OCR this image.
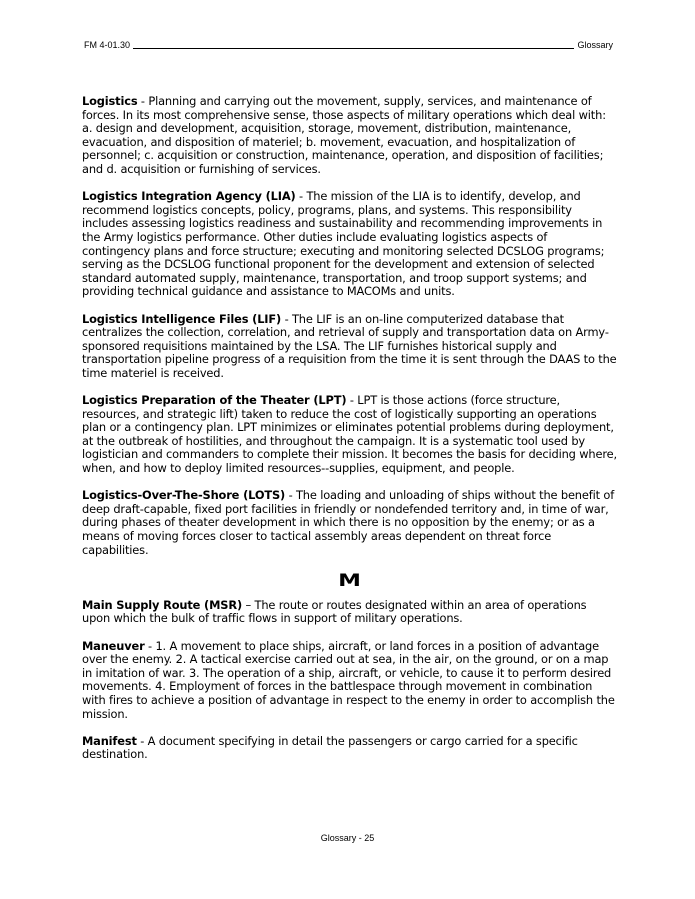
FM 4-01.30	Glossary

Logistics - Planning and carrying out the movement, supply, services, and maintenance of forces. In its most comprehensive sense, those aspects of military operations which deal with: a. design and development, acquisition, storage, movement, distribution, maintenance, evacuation, and disposition of materiel; b. movement, evacuation, and hospitalization of personnel; c. acquisition or construction, maintenance, operation, and disposition of facilities; and d. acquisition or furnishing of services.

Logistics Integration Agency (LIA) - The mission of the LIA is to identify, develop, and recommend logistics concepts, policy, programs, plans, and systems. This responsibility includes assessing logistics readiness and sustainability and recommending improvements in the Army logistics performance. Other duties include evaluating logistics aspects of contingency plans and force structure; executing and monitoring selected DCSLOG programs; serving as the DCSLOG functional proponent for the development and extension of selected standard automated supply, maintenance, transportation, and troop support systems; and providing technical guidance and assistance to MACOMs and units.

Logistics Intelligence Files (LIF) - The LIF is an on-line computerized database that centralizes the collection, correlation, and retrieval of supply and transportation data on Army-sponsored requisitions maintained by the LSA. The LIF furnishes historical supply and transportation pipeline progress of a requisition from the time it is sent through the DAAS to the time materiel is received.

Logistics Preparation of the Theater (LPT) - LPT is those actions (force structure, resources, and strategic lift) taken to reduce the cost of logistically supporting an operations plan or a contingency plan. LPT minimizes or eliminates potential problems during deployment, at the outbreak of hostilities, and throughout the campaign. It is a systematic tool used by logistician and commanders to complete their mission. It becomes the basis for deciding where, when, and how to deploy limited resources--supplies, equipment, and people.

Logistics-Over-The-Shore (LOTS) - The loading and unloading of ships without the benefit of deep draft-capable, fixed port facilities in friendly or nondefended territory and, in time of war, during phases of theater development in which there is no opposition by the enemy; or as a means of moving forces closer to tactical assembly areas dependent on threat force capabilities.

M

Main Supply Route (MSR) – The route or routes designated within an area of operations upon which the bulk of traffic flows in support of military operations.

Maneuver - 1. A movement to place ships, aircraft, or land forces in a position of advantage over the enemy. 2. A tactical exercise carried out at sea, in the air, on the ground, or on a map in imitation of war. 3. The operation of a ship, aircraft, or vehicle, to cause it to perform desired movements. 4. Employment of forces in the battlespace through movement in combination with fires to achieve a position of advantage in respect to the enemy in order to accomplish the mission.

Manifest - A document specifying in detail the passengers or cargo carried for a specific destination.

Glossary - 25
